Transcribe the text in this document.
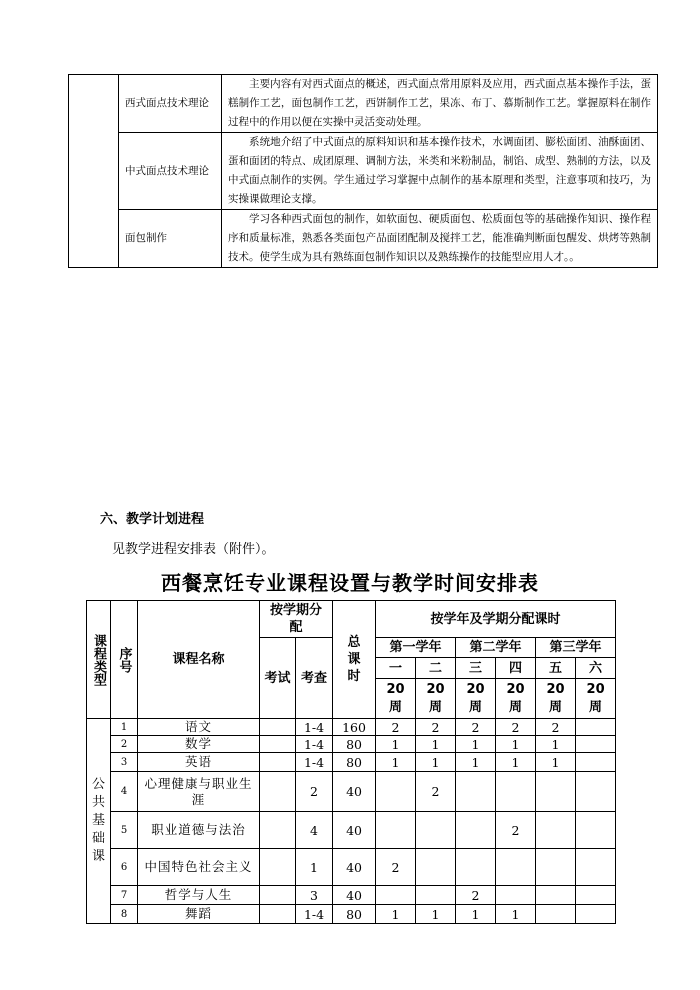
	西式面点技术理论	主要内容有对西式面点的概述，西式面点常用原料及应用，西式面点基本操作手法，蛋糕制作工艺，面包制作工艺，西饼制作工艺，果冻、布丁、慕斯制作工艺。掌握原料在制作过程中的作用以便在实操中灵活变动处理。

	中式面点技术理论	系统地介绍了中式面点的原料知识和基本操作技术，水调面团、膨松面团、油酥面团、蛋和面团的特点、成团原理、调制方法，米类和米粉制品，制馅、成型、熟制的方法，以及中式面点制作的实例。学生通过学习掌握中点制作的基本原理和类型，注意事项和技巧，为实操课做理论支撑。

	面包制作	学习各种西式面包的制作，如软面包、硬质面包、松质面包等的基础操作知识、操作程序和质量标准，熟悉各类面包产品面团配制及搅拌工艺，能准确判断面包醒发、烘烤等熟制技术。使学生成为具有熟练面包制作知识以及熟练操作的技能型应用人才。。
六、教学计划进程
见教学进程安排表（附件）。
西餐烹饪专业课程设置与教学时间安排表
课程类型	序号	课程名称	按学期分配		总课时	按学年及学期分配课时					
			考试	考查		第一学年		第二学年		第三学年	
						一	二	三	四	五	六

						20周	20周	20周	20周	20周	20周

公共基础课	1	语文		1-4	160	2	2	2	2	2	
	2	数学		1-4	80	1	1	1	1	1	
	3	英语		1-4	80	1	1	1	1	1	
	4	心理健康与职业生涯		2	40		2				
	5	职业道德与法治		4	40				2		
	6	中国特色社会主义		1	40	2					
	7	哲学与人生		3	40			2			
	8	舞蹈		1-4	80	1	1	1	1		
